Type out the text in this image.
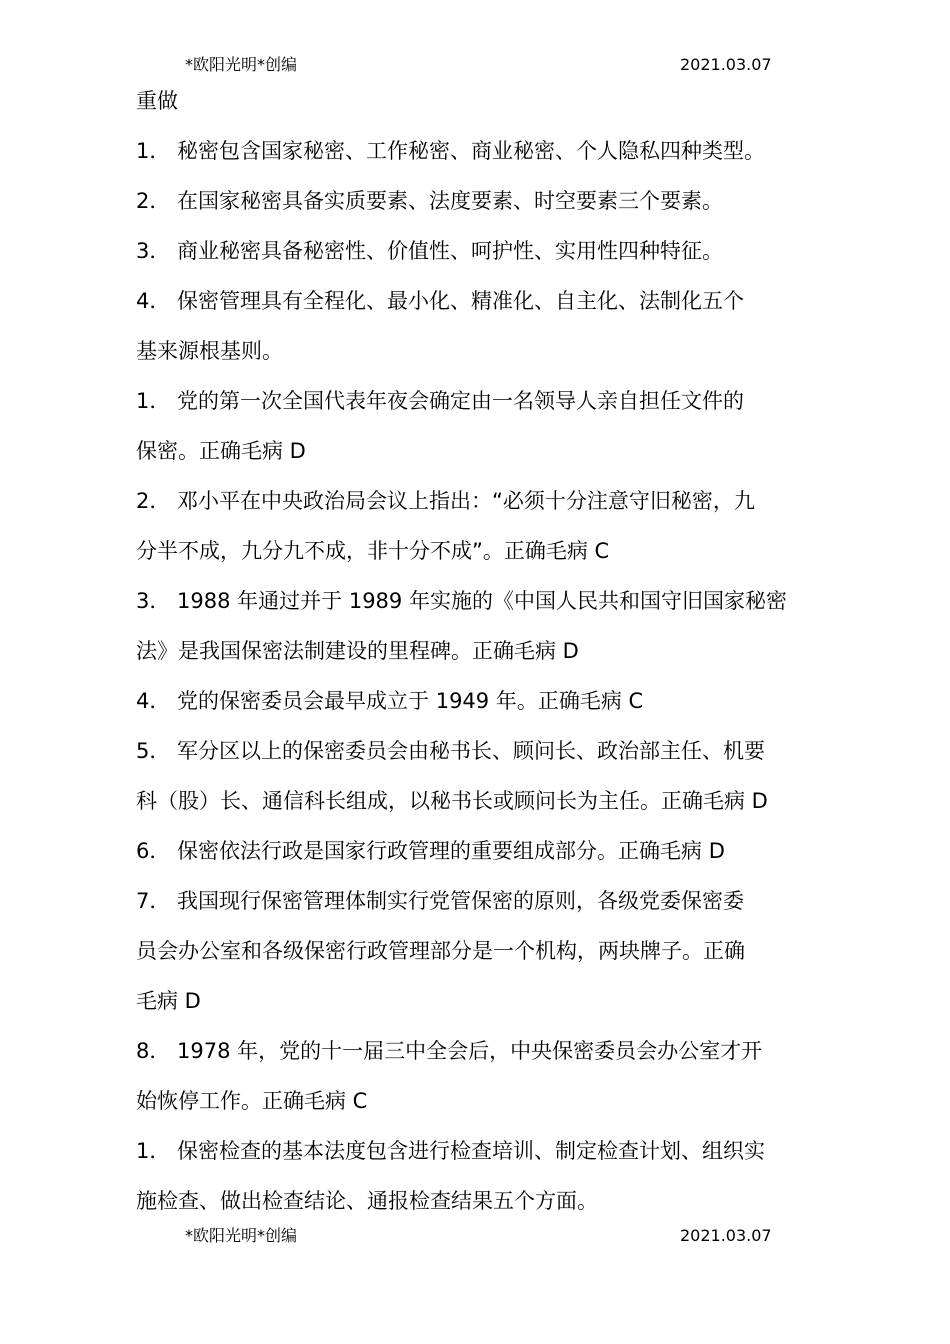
*欧阳光明*创编	2021.03.07
重做
1． 秘密包含国家秘密、工作秘密、商业秘密、个人隐私四种类型。
2． 在国家秘密具备实质要素、法度要素、时空要素三个要素。
3． 商业秘密具备秘密性、价值性、呵护性、实用性四种特征。
4． 保密管理具有全程化、最小化、精准化、自主化、法制化五个
基来源根基则。
1． 党的第一次全国代表年夜会确定由一名领导人亲自担任文件的
保密。正确毛病 D
2． 邓小平在中央政治局会议上指出：“必须十分注意守旧秘密，九
分半不成，九分九不成，非十分不成”。正确毛病 C
3． 1988 年通过并于 1989 年实施的《中国人民共和国守旧国家秘密
法》是我国保密法制建设的里程碑。正确毛病 D
4． 党的保密委员会最早成立于 1949 年。正确毛病 C
5． 军分区以上的保密委员会由秘书长、顾问长、政治部主任、机要
科（股）长、通信科长组成，以秘书长或顾问长为主任。正确毛病 D
6． 保密依法行政是国家行政管理的重要组成部分。正确毛病 D
7． 我国现行保密管理体制实行党管保密的原则，各级党委保密委
员会办公室和各级保密行政管理部分是一个机构，两块牌子。正确
毛病 D
8． 1978 年，党的十一届三中全会后，中央保密委员会办公室才开
始恢停工作。正确毛病 C
1． 保密检查的基本法度包含进行检查培训、制定检查计划、组织实
施检查、做出检查结论、通报检查结果五个方面。
*欧阳光明*创编	2021.03.07
